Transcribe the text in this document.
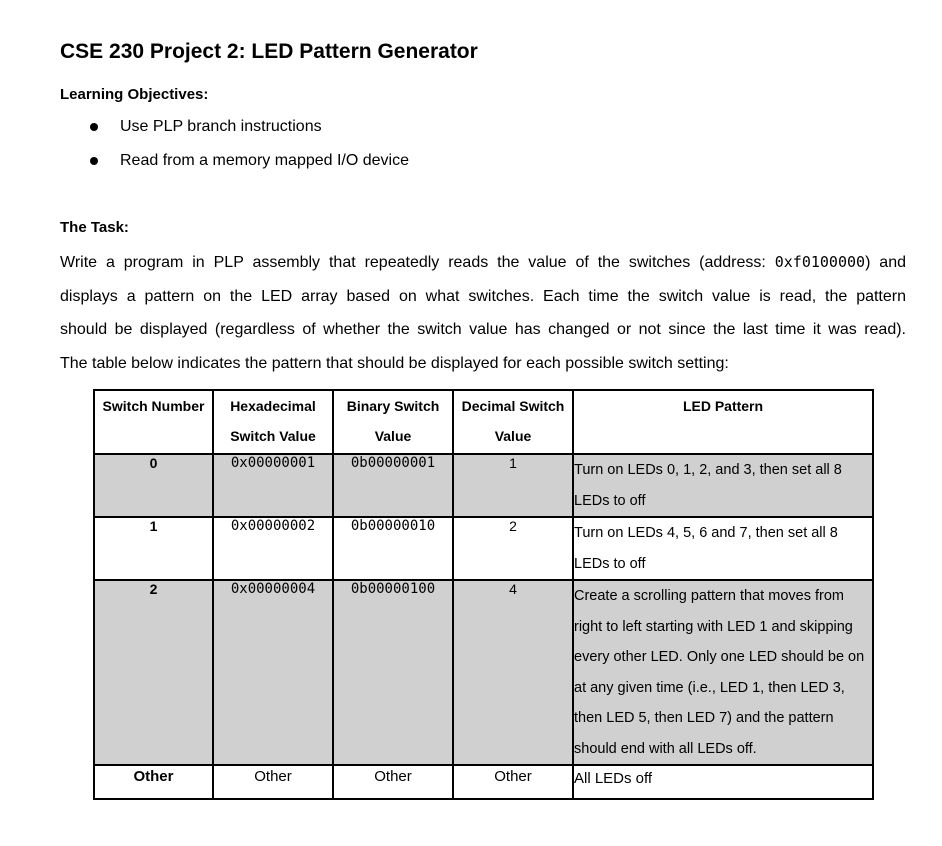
CSE 230 Project 2: LED Pattern Generator
Learning Objectives:
Use PLP branch instructions
Read from a memory mapped I/O device
The Task:
Write a program in PLP assembly that repeatedly reads the value of the switches (address: 0xf0100000) and
displays a pattern on the LED array based on what switches. Each time the switch value is read, the pattern
should be displayed (regardless of whether the switch value has changed or not since the last time it was read).
The table below indicates the pattern that should be displayed for each possible switch setting:
Switch Number	Hexadecimal Switch Value	Binary Switch Value	Decimal Switch Value	LED Pattern
0	0x00000001	0b00000001	1	Turn on LEDs 0, 1, 2, and 3, then set all 8 LEDs to off
1	0x00000002	0b00000010	2	Turn on LEDs 4, 5, 6 and 7, then set all 8 LEDs to off
2	0x00000004	0b00000100	4	Create a scrolling pattern that moves from right to left starting with LED 1 and skipping every other LED. Only one LED should be on at any given time (i.e., LED 1, then LED 3, then LED 5, then LED 7) and the pattern should end with all LEDs off.
Other	Other	Other	Other	All LEDs off
